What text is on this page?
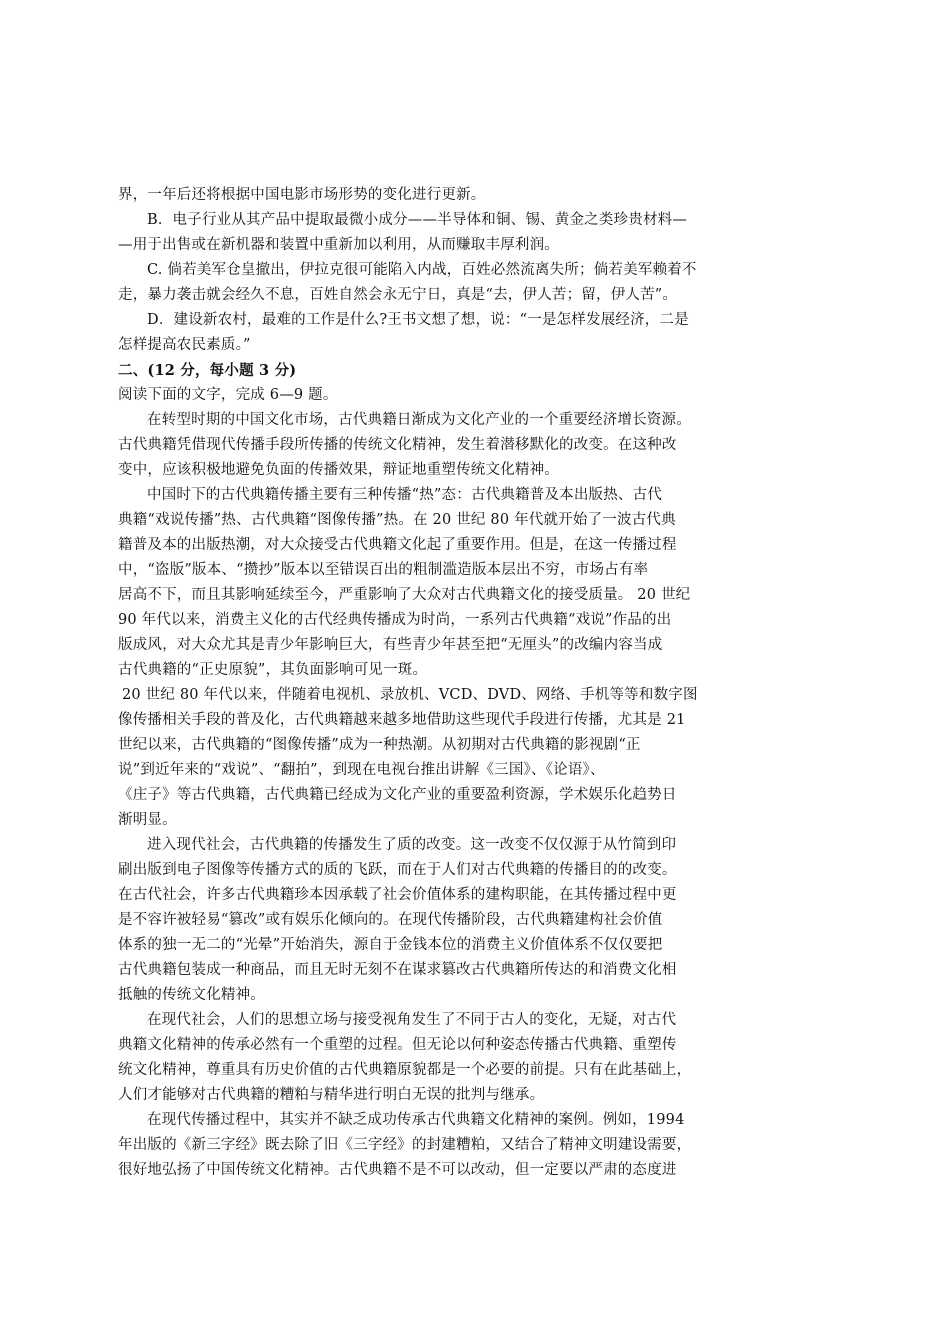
界，一年后还将根据中国电影市场形势的变化进行更新。
B．电子行业从其产品中提取最微小成分——半导体和铜、锡、黄金之类珍贵材料—
—用于出售或在新机器和装置中重新加以利用，从而赚取丰厚利润。
C. 倘若美军仓皇撤出，伊拉克很可能陷入内战，百姓必然流离失所；倘若美军赖着不
走，暴力袭击就会经久不息，百姓自然会永无宁日，真是“去，伊人苦；留，伊人苦”。
D．建设新农村，最难的工作是什么?王书文想了想，说：“一是怎样发展经济，二是
怎样提高农民素质。”
二、(12 分，每小题 3 分)
阅读下面的文字，完成 6—9 题。
在转型时期的中国文化市场，古代典籍日渐成为文化产业的一个重要经济增长资源。
古代典籍凭借现代传播手段所传播的传统文化精神，发生着潜移默化的改变。在这种改
变中，应该积极地避免负面的传播效果，辩证地重塑传统文化精神。
中国时下的古代典籍传播主要有三种传播“热”态：古代典籍普及本出版热、古代
典籍“戏说传播”热、古代典籍“图像传播”热。在 20 世纪 80 年代就开始了一波古代典
籍普及本的出版热潮，对大众接受古代典籍文化起了重要作用。但是，在这一传播过程
中，“盗版”版本、“攒抄”版本以至错误百出的粗制滥造版本层出不穷，市场占有率
居高不下，而且其影响延续至今，严重影响了大众对古代典籍文化的接受质量。 20 世纪
90 年代以来，消费主义化的古代经典传播成为时尚，一系列古代典籍“戏说”作品的出
版成风，对大众尤其是青少年影响巨大，有些青少年甚至把“无厘头”的改编内容当成
古代典籍的“正史原貌”，其负面影响可见一斑。
20 世纪 80 年代以来，伴随着电视机、录放机、VCD、DVD、网络、手机等等和数字图
像传播相关手段的普及化，古代典籍越来越多地借助这些现代手段进行传播，尤其是 21
世纪以来，古代典籍的“图像传播”成为一种热潮。从初期对古代典籍的影视剧“正
说”到近年来的“戏说”、“翻拍”，到现在电视台推出讲解《三国》、《论语》、
《庄子》等古代典籍，古代典籍已经成为文化产业的重要盈利资源，学术娱乐化趋势日
渐明显。
进入现代社会，古代典籍的传播发生了质的改变。这一改变不仅仅源于从竹简到印
刷出版到电子图像等传播方式的质的飞跃，而在于人们对古代典籍的传播目的的改变。
在古代社会，许多古代典籍珍本因承载了社会价值体系的建构职能，在其传播过程中更
是不容许被轻易“篡改”或有娱乐化倾向的。在现代传播阶段，古代典籍建构社会价值
体系的独一无二的“光晕”开始消失，源自于金钱本位的消费主义价值体系不仅仅要把
古代典籍包装成一种商品，而且无时无刻不在谋求篡改古代典籍所传达的和消费文化相
抵触的传统文化精神。
在现代社会，人们的思想立场与接受视角发生了不同于古人的变化，无疑，对古代
典籍文化精神的传承必然有一个重塑的过程。但无论以何种姿态传播古代典籍、重塑传
统文化精神，尊重具有历史价值的古代典籍原貌都是一个必要的前提。只有在此基础上，
人们才能够对古代典籍的糟粕与精华进行明白无误的批判与继承。
在现代传播过程中，其实并不缺乏成功传承古代典籍文化精神的案例。例如，1994
年出版的《新三字经》既去除了旧《三字经》的封建糟粕，又结合了精神文明建设需要，
很好地弘扬了中国传统文化精神。古代典籍不是不可以改动，但一定要以严肃的态度进
